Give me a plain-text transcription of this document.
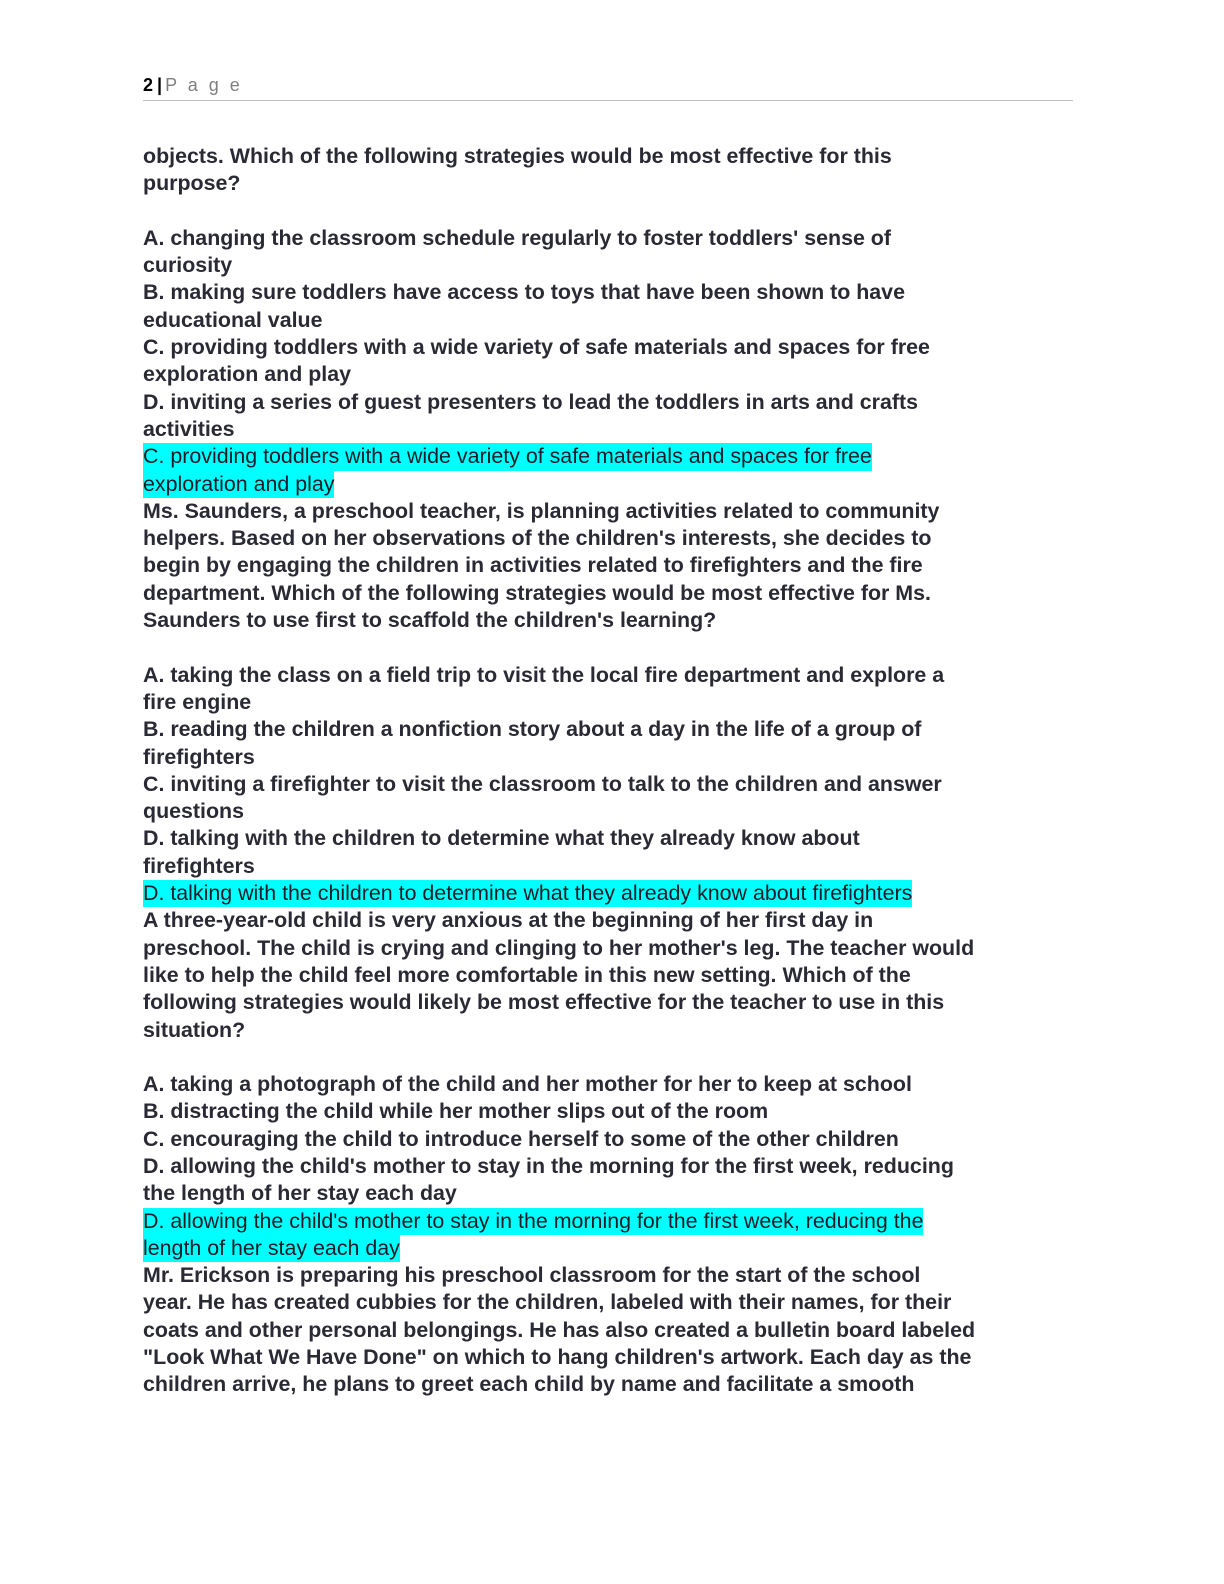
2 | P a g e
objects. Which of the following strategies would be most effective for this
purpose?
A. changing the classroom schedule regularly to foster toddlers' sense of
curiosity
B. making sure toddlers have access to toys that have been shown to have
educational value
C. providing toddlers with a wide variety of safe materials and spaces for free
exploration and play
D. inviting a series of guest presenters to lead the toddlers in arts and crafts
activities
C. providing toddlers with a wide variety of safe materials and spaces for free
exploration and play
Ms. Saunders, a preschool teacher, is planning activities related to community
helpers. Based on her observations of the children's interests, she decides to
begin by engaging the children in activities related to firefighters and the fire
department. Which of the following strategies would be most effective for Ms.
Saunders to use first to scaffold the children's learning?
A. taking the class on a field trip to visit the local fire department and explore a
fire engine
B. reading the children a nonfiction story about a day in the life of a group of
firefighters
C. inviting a firefighter to visit the classroom to talk to the children and answer
questions
D. talking with the children to determine what they already know about
firefighters
D. talking with the children to determine what they already know about firefighters
A three-year-old child is very anxious at the beginning of her first day in
preschool. The child is crying and clinging to her mother's leg. The teacher would
like to help the child feel more comfortable in this new setting. Which of the
following strategies would likely be most effective for the teacher to use in this
situation?
A. taking a photograph of the child and her mother for her to keep at school
B. distracting the child while her mother slips out of the room
C. encouraging the child to introduce herself to some of the other children
D. allowing the child's mother to stay in the morning for the first week, reducing
the length of her stay each day
D. allowing the child's mother to stay in the morning for the first week, reducing the
length of her stay each day
Mr. Erickson is preparing his preschool classroom for the start of the school
year. He has created cubbies for the children, labeled with their names, for their
coats and other personal belongings. He has also created a bulletin board labeled
"Look What We Have Done" on which to hang children's artwork. Each day as the
children arrive, he plans to greet each child by name and facilitate a smooth
